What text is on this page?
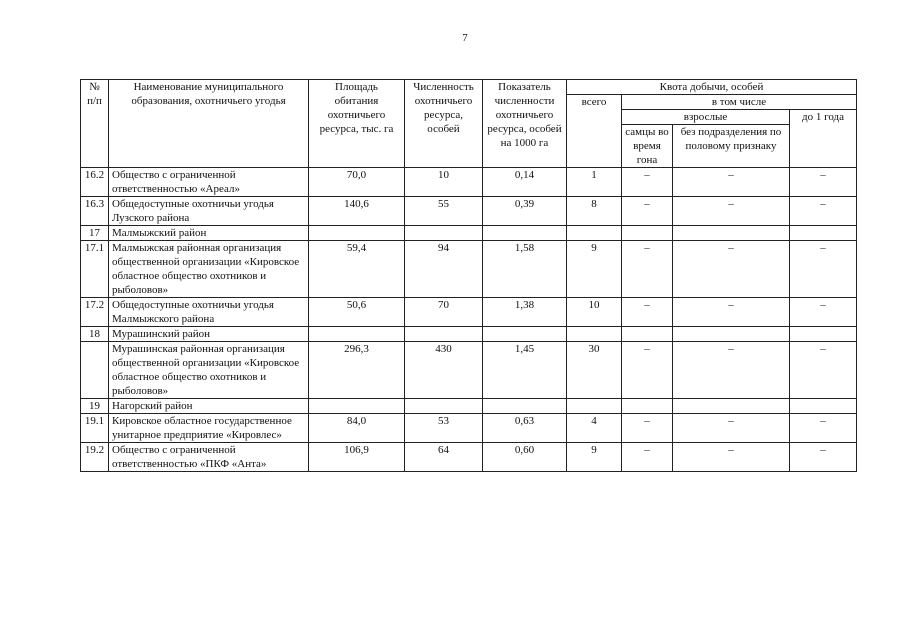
7
№ п/п	Наименование муниципального образования, охотничьего угодья	Площадь обитания охотничьего ресурса, тыс. га	Численность охотничьего ресурса, особей	Показатель численности охотничьего ресурса, особей на 1000 га	Квота добычи, особей			
					всего	в том числе		
						взрослые		до 1 года
						самцы во время гона	без подразделения по половому признаку	
16.2	Общество с ограниченной ответственностью «Ареал»	70,0	10	0,14	1	–	–	–
16.3	Общедоступные охотничьи угодья Лузского района	140,6	55	0,39	8	–	–	–
17	Малмыжский район							
17.1	Малмыжская районная организация общественной организации «Кировское областное общество охотников и рыболовов»	59,4	94	1,58	9	–	–	–
17.2	Общедоступные охотничьи угодья Малмыжского района	50,6	70	1,38	10	–	–	–
18	Мурашинский район							
	Мурашинская районная организация общественной организации «Кировское областное общество охотников и рыболовов»	296,3	430	1,45	30	–	–	–
19	Нагорский район							
19.1	Кировское областное государственное унитарное предприятие «Кировлес»	84,0	53	0,63	4	–	–	–
19.2	Общество с ограниченной ответственностью «ПКФ «Анта»	106,9	64	0,60	9	–	–	–
